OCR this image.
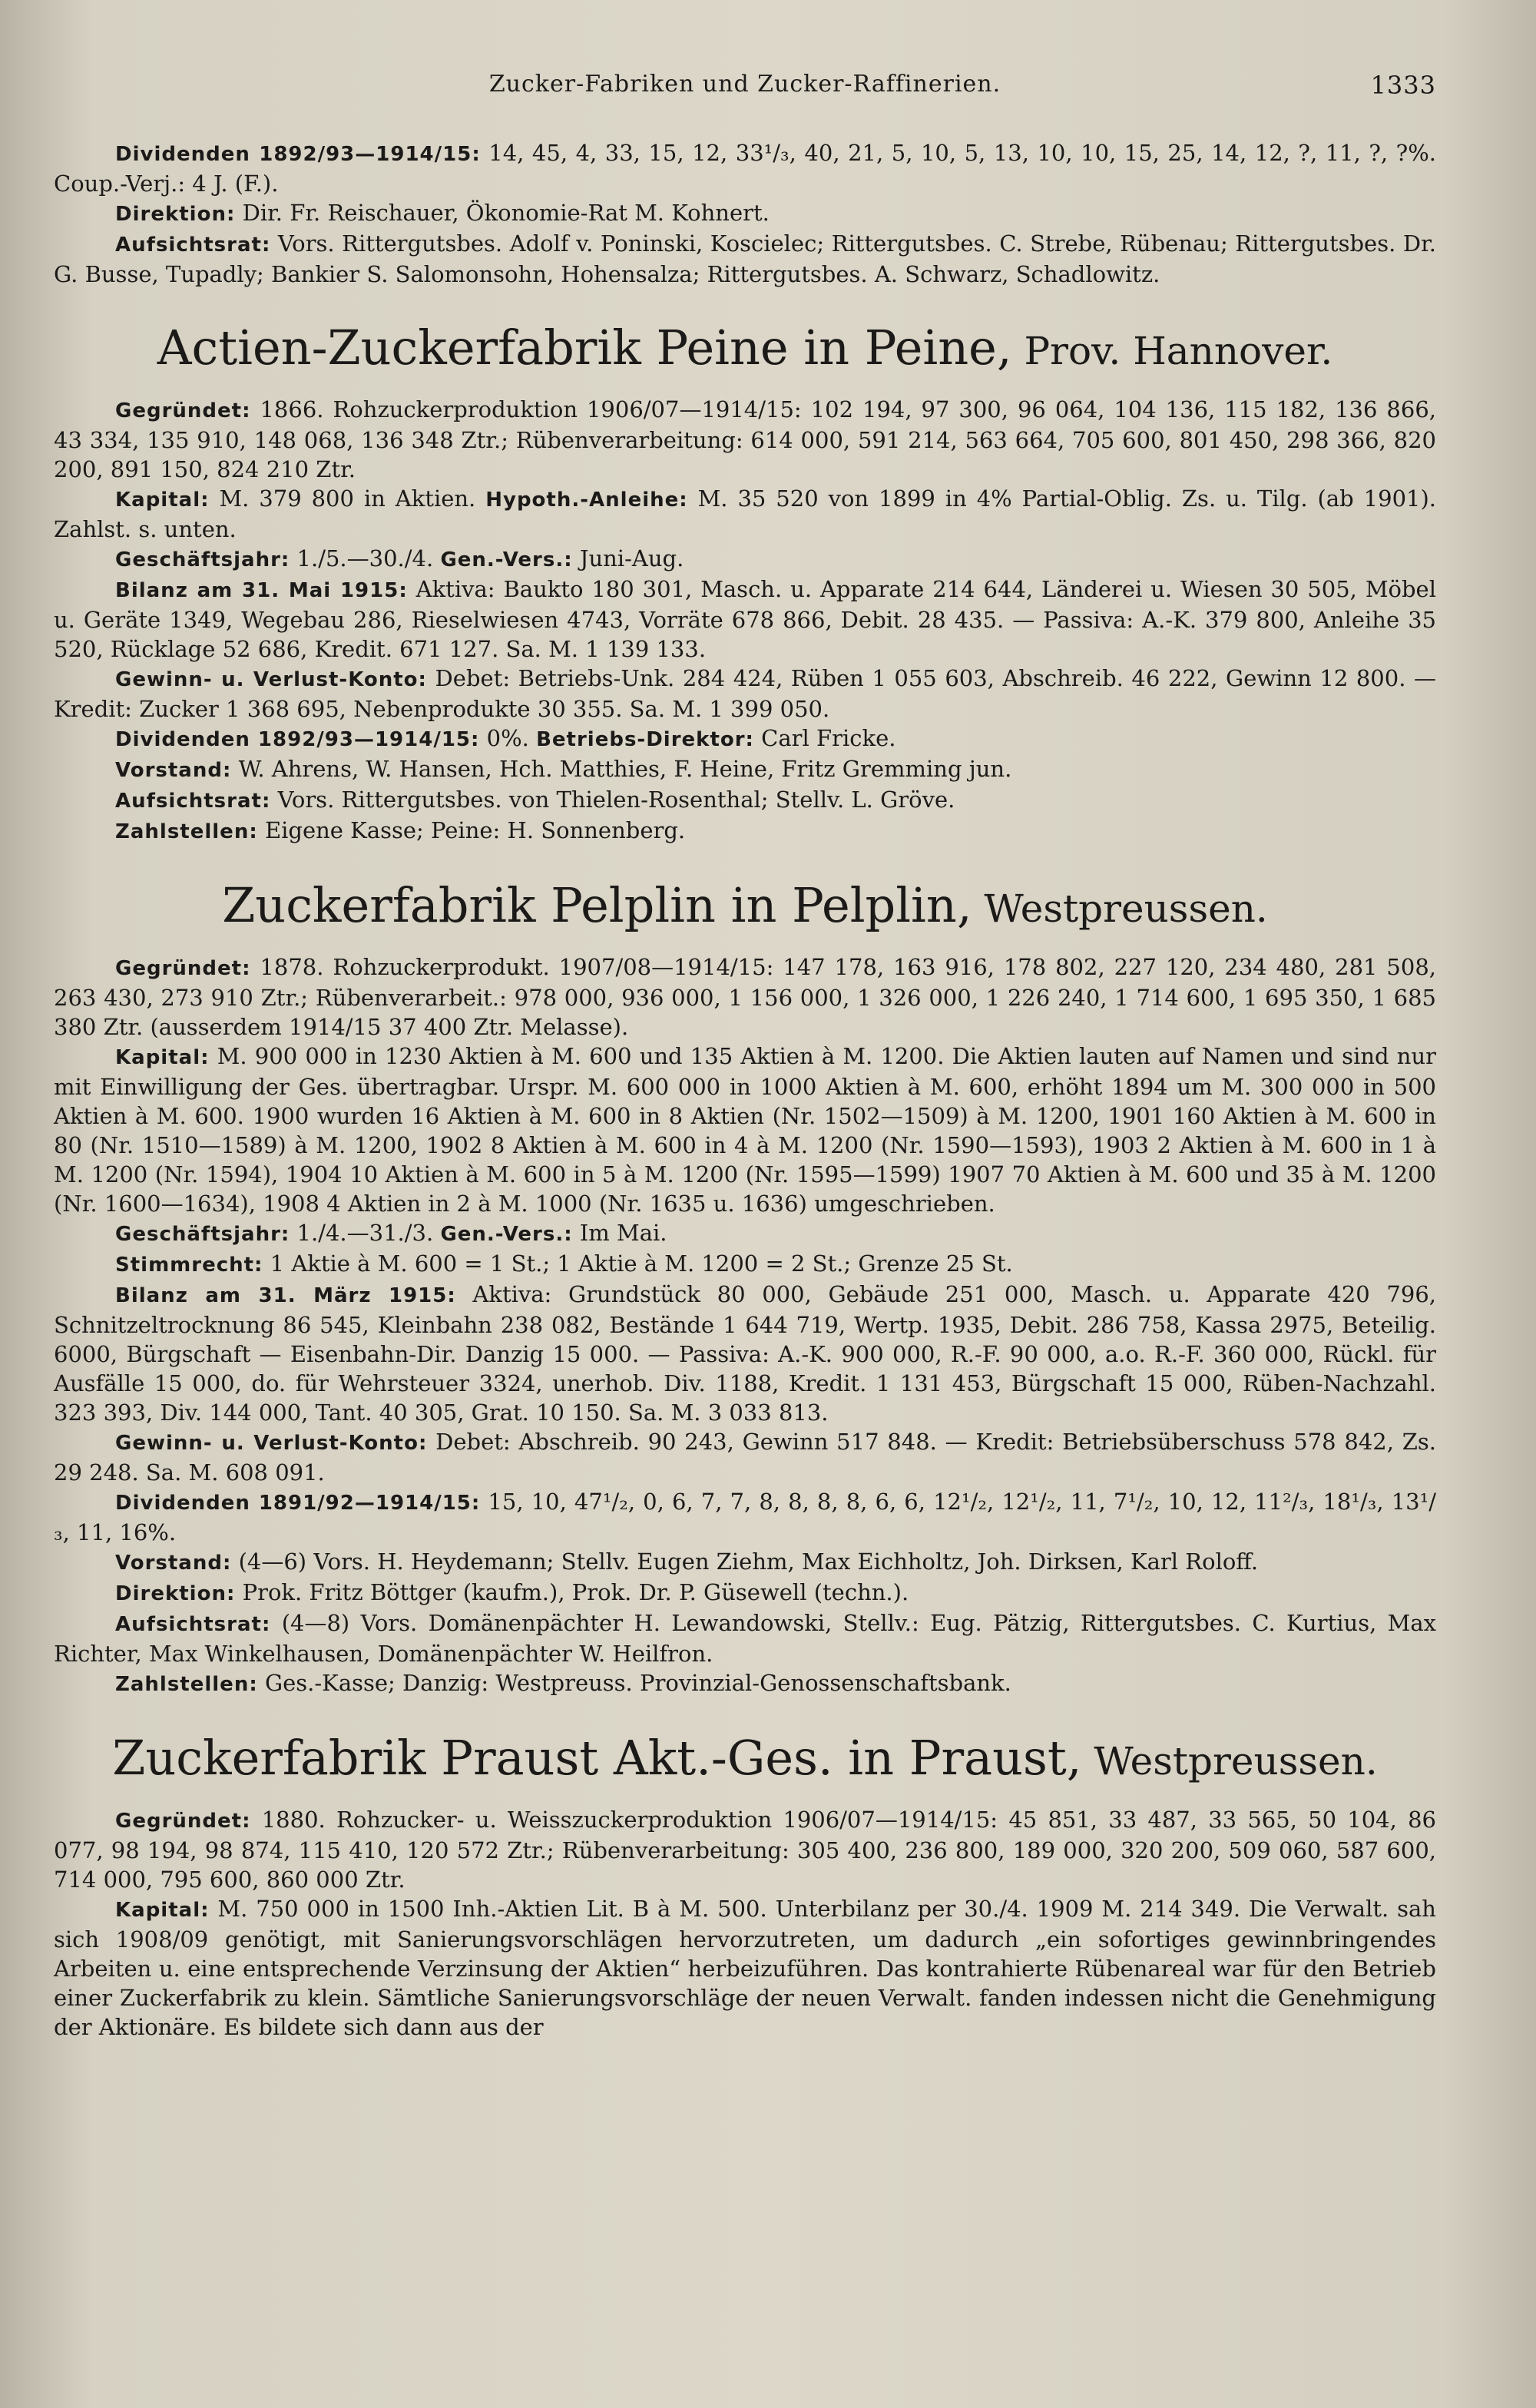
Zucker-Fabriken und Zucker-Raffinerien.	1333

Dividenden 1892/93—1914/15: 14, 45, 4, 33, 15, 12, 33¹/₃, 40, 21, 5, 10, 5, 13, 10, 10, 15, 25, 14, 12, ?, 11, ?, ?%. Coup.-Verj.: 4 J. (F.).

Direktion: Dir. Fr. Reischauer, Ökonomie-Rat M. Kohnert.

Aufsichtsrat: Vors. Rittergutsbes. Adolf v. Poninski, Koscielec; Rittergutsbes. C. Strebe, Rübenau; Rittergutsbes. Dr. G. Busse, Tupadly; Bankier S. Salomonsohn, Hohensalza; Rittergutsbes. A. Schwarz, Schadlowitz.

Actien-Zuckerfabrik Peine in Peine, Prov. Hannover.

Gegründet: 1866. Rohzuckerproduktion 1906/07—1914/15: 102 194, 97 300, 96 064, 104 136, 115 182, 136 866, 43 334, 135 910, 148 068, 136 348 Ztr.; Rübenverarbeitung: 614 000, 591 214, 563 664, 705 600, 801 450, 298 366, 820 200, 891 150, 824 210 Ztr.

Kapital: M. 379 800 in Aktien. Hypoth.-Anleihe: M. 35 520 von 1899 in 4% Partial-Oblig. Zs. u. Tilg. (ab 1901). Zahlst. s. unten.

Geschäftsjahr: 1./5.—30./4. Gen.-Vers.: Juni-Aug.

Bilanz am 31. Mai 1915: Aktiva: Baukto 180 301, Masch. u. Apparate 214 644, Länderei u. Wiesen 30 505, Möbel u. Geräte 1349, Wegebau 286, Rieselwiesen 4743, Vorräte 678 866, Debit. 28 435. — Passiva: A.-K. 379 800, Anleihe 35 520, Rücklage 52 686, Kredit. 671 127. Sa. M. 1 139 133.

Gewinn- u. Verlust-Konto: Debet: Betriebs-Unk. 284 424, Rüben 1 055 603, Abschreib. 46 222, Gewinn 12 800. — Kredit: Zucker 1 368 695, Nebenprodukte 30 355. Sa. M. 1 399 050.

Dividenden 1892/93—1914/15: 0%. Betriebs-Direktor: Carl Fricke.

Vorstand: W. Ahrens, W. Hansen, Hch. Matthies, F. Heine, Fritz Gremming jun.

Aufsichtsrat: Vors. Rittergutsbes. von Thielen-Rosenthal; Stellv. L. Gröve.

Zahlstellen: Eigene Kasse; Peine: H. Sonnenberg.

Zuckerfabrik Pelplin in Pelplin, Westpreussen.

Gegründet: 1878. Rohzuckerprodukt. 1907/08—1914/15: 147 178, 163 916, 178 802, 227 120, 234 480, 281 508, 263 430, 273 910 Ztr.; Rübenverarbeit.: 978 000, 936 000, 1 156 000, 1 326 000, 1 226 240, 1 714 600, 1 695 350, 1 685 380 Ztr. (ausserdem 1914/15 37 400 Ztr. Melasse).

Kapital: M. 900 000 in 1230 Aktien à M. 600 und 135 Aktien à M. 1200. Die Aktien lauten auf Namen und sind nur mit Einwilligung der Ges. übertragbar. Urspr. M. 600 000 in 1000 Aktien à M. 600, erhöht 1894 um M. 300 000 in 500 Aktien à M. 600. 1900 wurden 16 Aktien à M. 600 in 8 Aktien (Nr. 1502—1509) à M. 1200, 1901 160 Aktien à M. 600 in 80 (Nr. 1510—1589) à M. 1200, 1902 8 Aktien à M. 600 in 4 à M. 1200 (Nr. 1590—1593), 1903 2 Aktien à M. 600 in 1 à M. 1200 (Nr. 1594), 1904 10 Aktien à M. 600 in 5 à M. 1200 (Nr. 1595—1599) 1907 70 Aktien à M. 600 und 35 à M. 1200 (Nr. 1600—1634), 1908 4 Aktien in 2 à M. 1000 (Nr. 1635 u. 1636) umgeschrieben.

Geschäftsjahr: 1./4.—31./3. Gen.-Vers.: Im Mai.

Stimmrecht: 1 Aktie à M. 600 = 1 St.; 1 Aktie à M. 1200 = 2 St.; Grenze 25 St.

Bilanz am 31. März 1915: Aktiva: Grundstück 80 000, Gebäude 251 000, Masch. u. Apparate 420 796, Schnitzeltrocknung 86 545, Kleinbahn 238 082, Bestände 1 644 719, Wertp. 1935, Debit. 286 758, Kassa 2975, Beteilig. 6000, Bürgschaft — Eisenbahn-Dir. Danzig 15 000. — Passiva: A.-K. 900 000, R.-F. 90 000, a.o. R.-F. 360 000, Rückl. für Ausfälle 15 000, do. für Wehrsteuer 3324, unerhob. Div. 1188, Kredit. 1 131 453, Bürgschaft 15 000, Rüben-Nachzahl. 323 393, Div. 144 000, Tant. 40 305, Grat. 10 150. Sa. M. 3 033 813.

Gewinn- u. Verlust-Konto: Debet: Abschreib. 90 243, Gewinn 517 848. — Kredit: Betriebsüberschuss 578 842, Zs. 29 248. Sa. M. 608 091.

Dividenden 1891/92—1914/15: 15, 10, 47¹/₂, 0, 6, 7, 7, 8, 8, 8, 8, 6, 6, 12¹/₂, 12¹/₂, 11, 7¹/₂, 10, 12, 11²/₃, 18¹/₃, 13¹/₃, 11, 16%.

Vorstand: (4—6) Vors. H. Heydemann; Stellv. Eugen Ziehm, Max Eichholtz, Joh. Dirksen, Karl Roloff.

Direktion: Prok. Fritz Böttger (kaufm.), Prok. Dr. P. Güsewell (techn.).

Aufsichtsrat: (4—8) Vors. Domänenpächter H. Lewandowski, Stellv.: Eug. Pätzig, Rittergutsbes. C. Kurtius, Max Richter, Max Winkelhausen, Domänenpächter W. Heilfron.

Zahlstellen: Ges.-Kasse; Danzig: Westpreuss. Provinzial-Genossenschaftsbank.

Zuckerfabrik Praust Akt.-Ges. in Praust, Westpreussen.

Gegründet: 1880. Rohzucker- u. Weisszuckerproduktion 1906/07—1914/15: 45 851, 33 487, 33 565, 50 104, 86 077, 98 194, 98 874, 115 410, 120 572 Ztr.; Rübenverarbeitung: 305 400, 236 800, 189 000, 320 200, 509 060, 587 600, 714 000, 795 600, 860 000 Ztr.

Kapital: M. 750 000 in 1500 Inh.-Aktien Lit. B à M. 500. Unterbilanz per 30./4. 1909 M. 214 349. Die Verwalt. sah sich 1908/09 genötigt, mit Sanierungsvorschlägen hervorzutreten, um dadurch „ein sofortiges gewinnbringendes Arbeiten u. eine entsprechende Verzinsung der Aktien“ herbeizuführen. Das kontrahierte Rübenareal war für den Betrieb einer Zuckerfabrik zu klein. Sämtliche Sanierungsvorschläge der neuen Verwalt. fanden indessen nicht die Genehmigung der Aktionäre. Es bildete sich dann aus der
